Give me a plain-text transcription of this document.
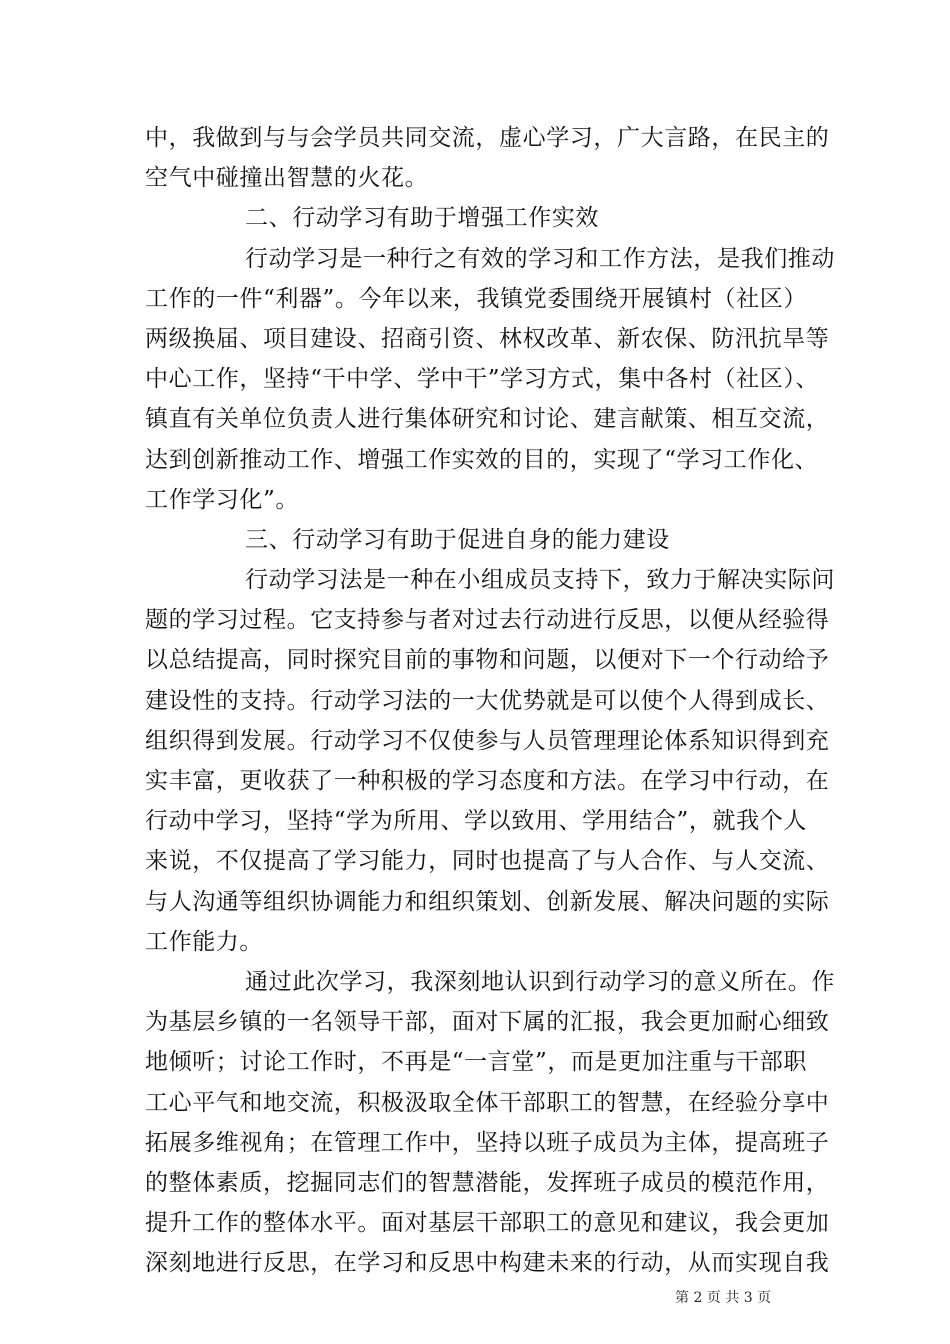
中，我做到与与会学员共同交流，虚心学习，广大言路，在民主的
空气中碰撞出智慧的火花。
二、行动学习有助于增强工作实效
行动学习是一种行之有效的学习和工作方法，是我们推动
工作的一件“利器”。今年以来，我镇党委围绕开展镇村（社区）
两级换届、项目建设、招商引资、林权改革、新农保、防汛抗旱等
中心工作，坚持“干中学、学中干”学习方式，集中各村（社区）、
镇直有关单位负责人进行集体研究和讨论、建言献策、相互交流，
达到创新推动工作、增强工作实效的目的，实现了“学习工作化、
工作学习化”。
三、行动学习有助于促进自身的能力建设
行动学习法是一种在小组成员支持下，致力于解决实际问
题的学习过程。它支持参与者对过去行动进行反思，以便从经验得
以总结提高，同时探究目前的事物和问题，以便对下一个行动给予
建设性的支持。行动学习法的一大优势就是可以使个人得到成长、
组织得到发展。行动学习不仅使参与人员管理理论体系知识得到充
实丰富，更收获了一种积极的学习态度和方法。在学习中行动，在
行动中学习，坚持“学为所用、学以致用、学用结合”，就我个人
来说，不仅提高了学习能力，同时也提高了与人合作、与人交流、
与人沟通等组织协调能力和组织策划、创新发展、解决问题的实际
工作能力。
通过此次学习，我深刻地认识到行动学习的意义所在。作
为基层乡镇的一名领导干部，面对下属的汇报，我会更加耐心细致
地倾听；讨论工作时，不再是“一言堂”，而是更加注重与干部职
工心平气和地交流，积极汲取全体干部职工的智慧，在经验分享中
拓展多维视角；在管理工作中，坚持以班子成员为主体，提高班子
的整体素质，挖掘同志们的智慧潜能，发挥班子成员的模范作用，
提升工作的整体水平。面对基层干部职工的意见和建议，我会更加
深刻地进行反思，在学习和反思中构建未来的行动，从而实现自我
第 2 页 共 3 页
